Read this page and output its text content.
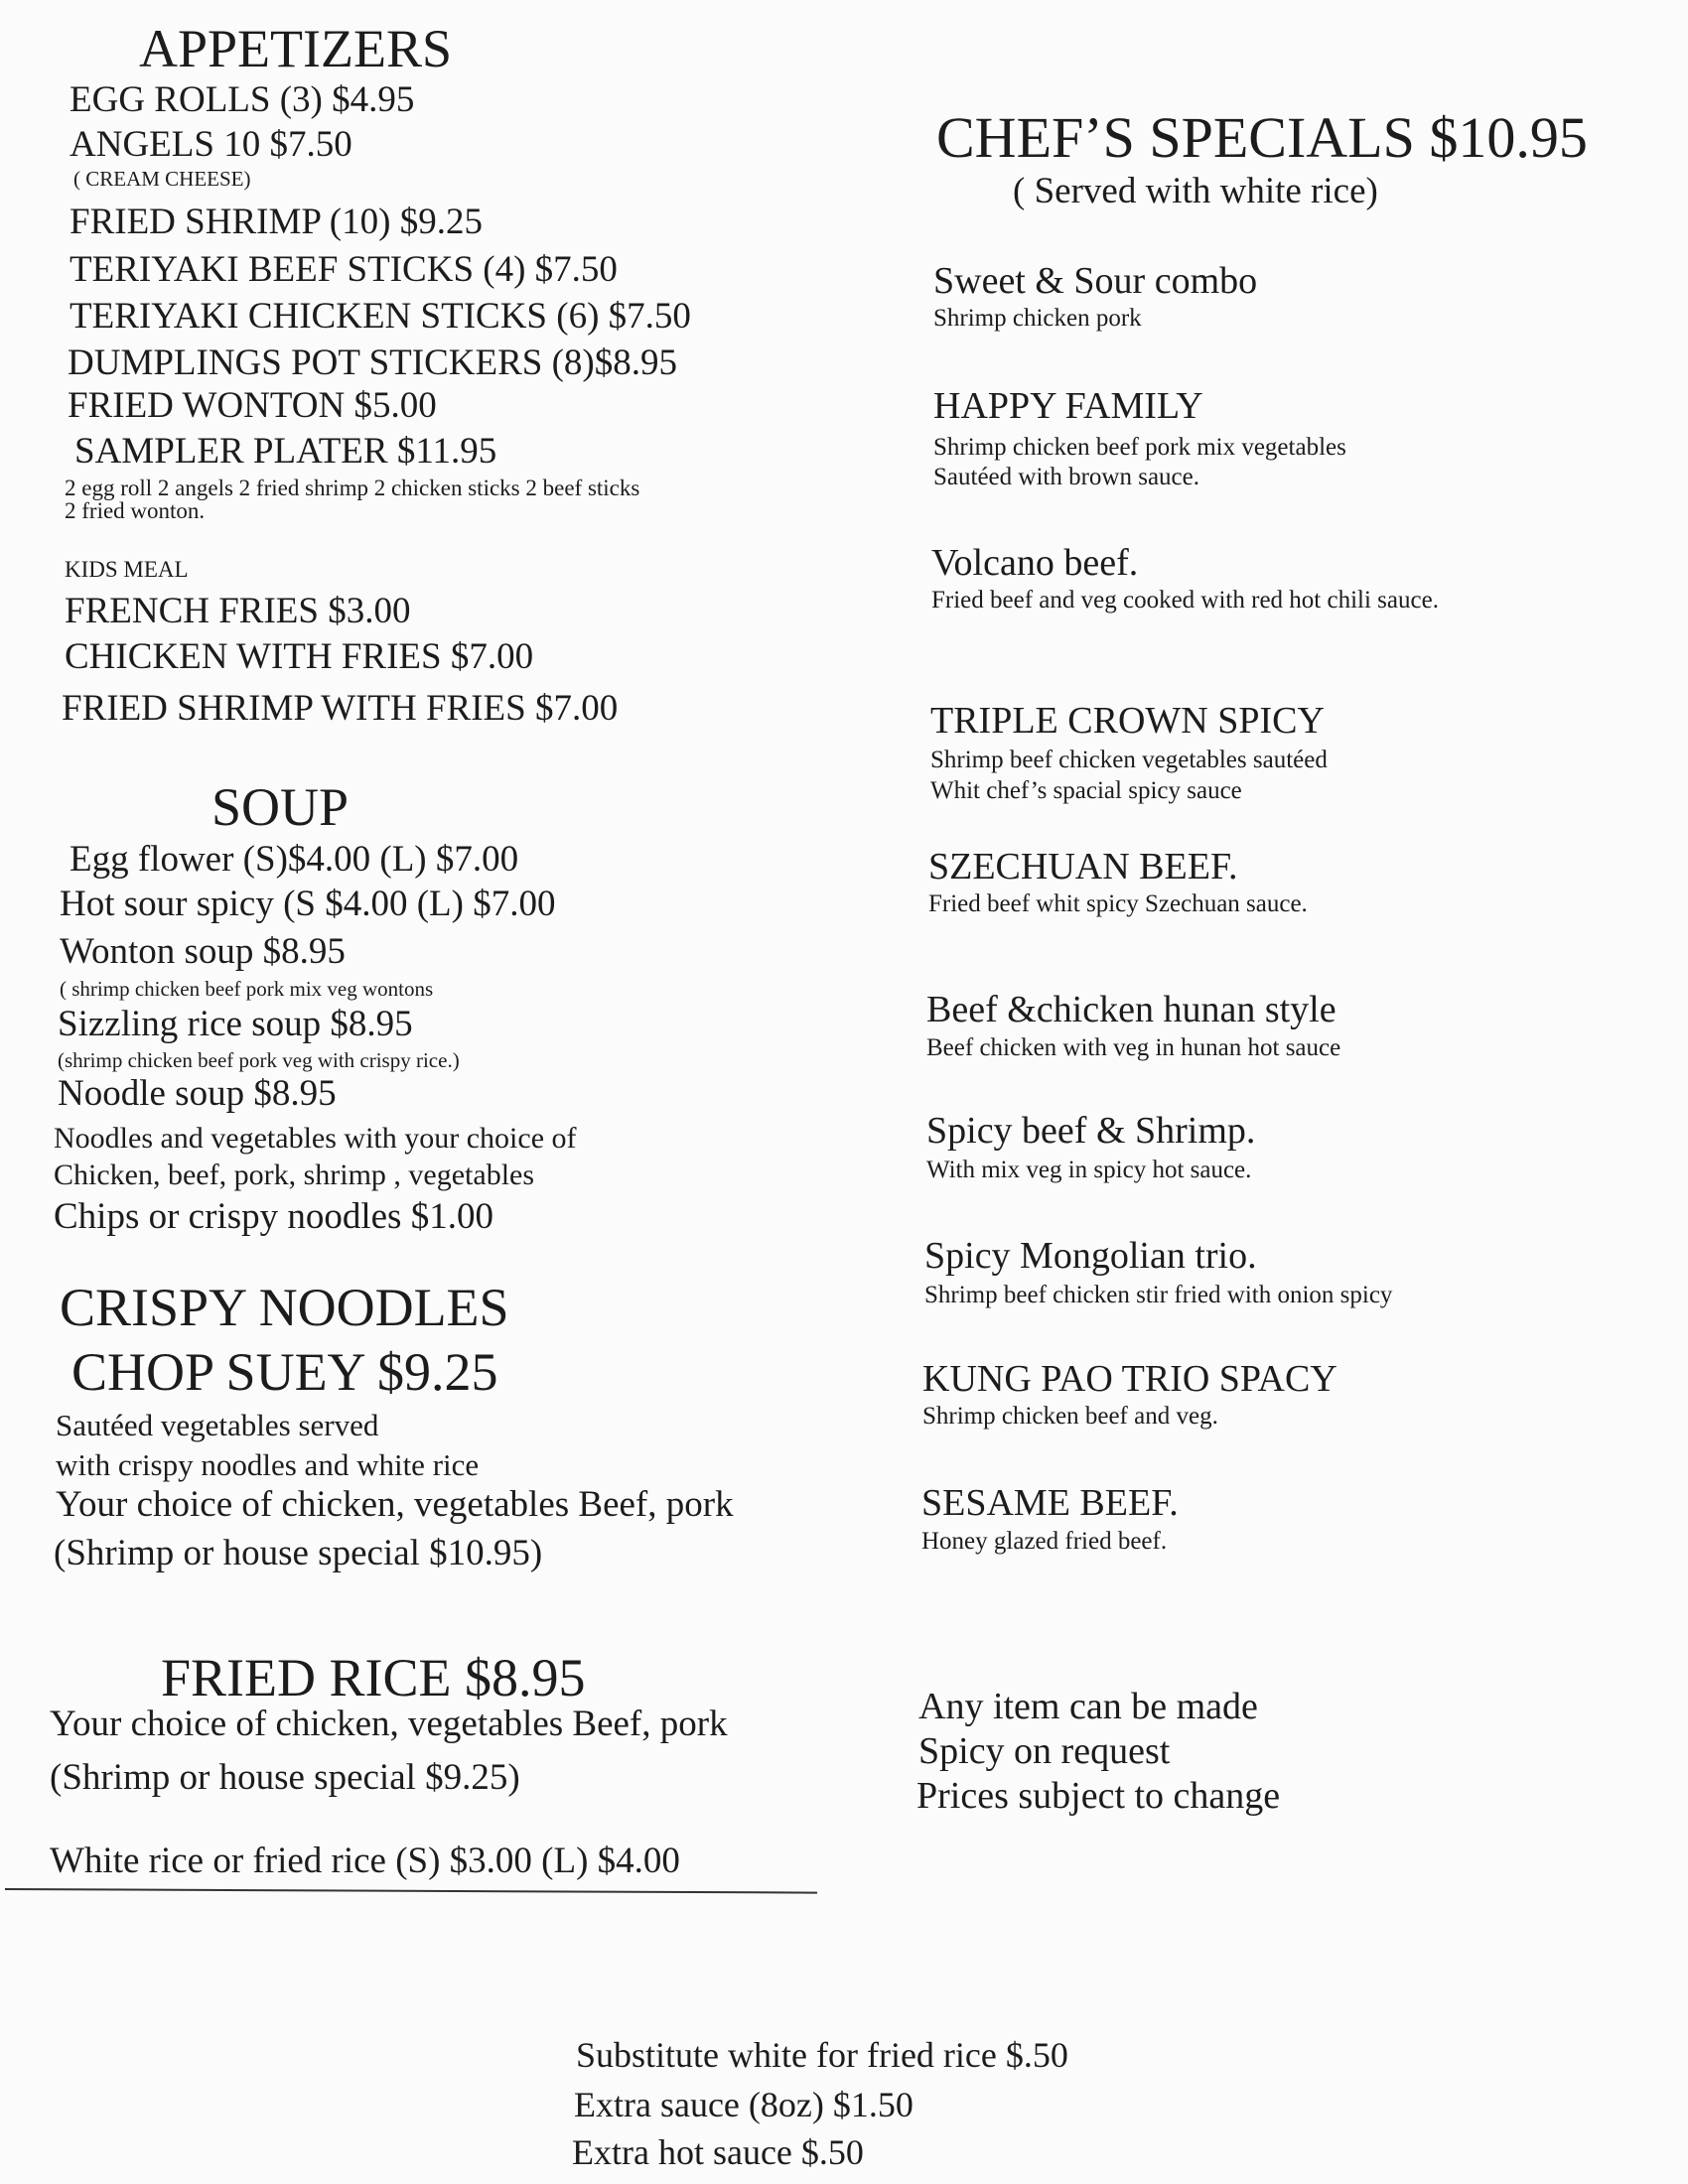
APPETIZERS
EGG ROLLS (3) $4.95
ANGELS 10 $7.50
( CREAM CHEESE)
FRIED SHRIMP (10) $9.25
TERIYAKI BEEF STICKS (4) $7.50
TERIYAKI CHICKEN STICKS (6) $7.50
DUMPLINGS POT STICKERS (8)$8.95
FRIED WONTON $5.00
SAMPLER PLATER $11.95
2 egg roll 2 angels 2 fried shrimp 2 chicken sticks 2 beef sticks
2 fried wonton.
KIDS MEAL
FRENCH FRIES $3.00
CHICKEN WITH FRIES $7.00
FRIED SHRIMP WITH FRIES $7.00
SOUP
Egg flower (S)$4.00 (L) $7.00
Hot sour spicy (S $4.00 (L) $7.00
Wonton soup $8.95
( shrimp chicken beef pork mix veg wontons
Sizzling rice soup $8.95
(shrimp chicken beef pork veg with crispy rice.)
Noodle soup $8.95
Noodles and vegetables with your choice of
Chicken, beef, pork, shrimp , vegetables
Chips or crispy noodles $1.00
CRISPY NOODLES
CHOP SUEY $9.25
Sautéed vegetables served
with crispy noodles and white rice
Your choice of chicken, vegetables Beef, pork
(Shrimp or house special $10.95)
FRIED RICE $8.95
Your choice of chicken, vegetables Beef, pork
(Shrimp or house special $9.25)
White rice or fried rice (S) $3.00 (L) $4.00
CHEF’S SPECIALS $10.95
( Served with white rice)
Sweet & Sour combo
Shrimp chicken pork
HAPPY FAMILY
Shrimp chicken beef pork mix vegetables
Sautéed with brown sauce.
Volcano beef.
Fried beef and veg cooked with red hot chili sauce.
TRIPLE CROWN SPICY
Shrimp beef chicken vegetables sautéed
Whit chef’s spacial spicy sauce
SZECHUAN BEEF.
Fried beef whit spicy Szechuan sauce.
Beef &chicken hunan style
Beef chicken with veg in hunan hot sauce
Spicy beef & Shrimp.
With mix veg in spicy hot sauce.
Spicy Mongolian trio.
Shrimp beef chicken stir fried with onion spicy
KUNG PAO TRIO SPACY
Shrimp chicken beef and veg.
SESAME BEEF.
Honey glazed fried beef.
Any item can be made
Spicy on request
Prices subject to change
Substitute white for fried rice $.50
Extra sauce (8oz) $1.50
Extra hot sauce $.50
